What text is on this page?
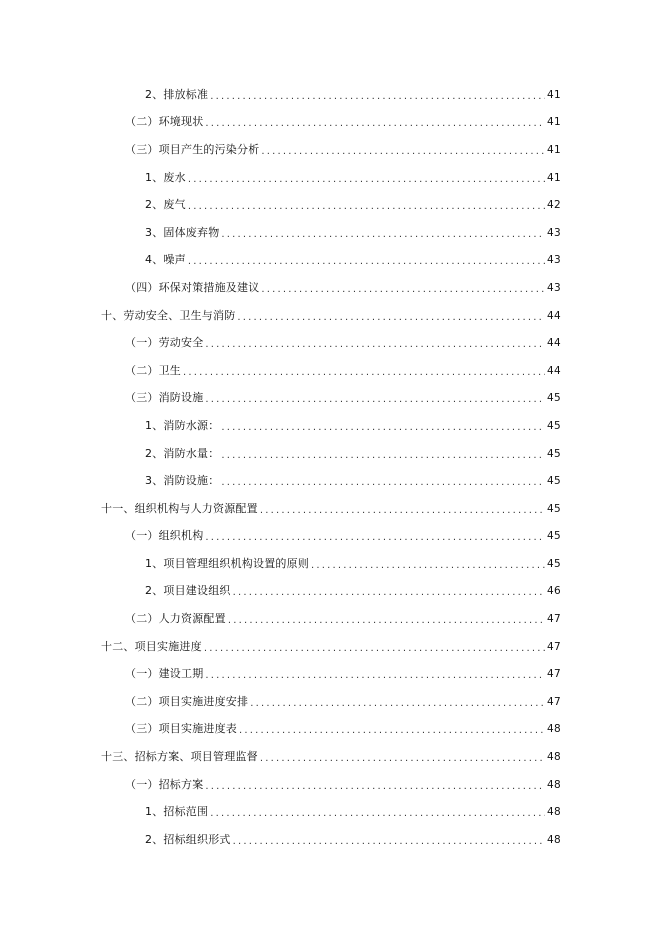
2、排放标准 .....	41
（二）环境现状 .....	41
（三）项目产生的污染分析 .....	41
1、废水 .....	41
2、废气 .....	42
3、固体废弃物 .....	43
4、噪声 .....	43
（四）环保对策措施及建议 .....	43
十、劳动安全、卫生与消防 .....	44
（一）劳动安全 .....	44
（二）卫生 .....	44
（三）消防设施 .....	45
1、消防水源： .....	45
2、消防水量： .....	45
3、消防设施： .....	45
十一、组织机构与人力资源配置 .....	45
（一）组织机构 .....	45
1、项目管理组织机构设置的原则 .....	45
2、项目建设组织 .....	46
（二）人力资源配置 .....	47
十二、项目实施进度 .....	47
（一）建设工期 .....	47
（二）项目实施进度安排 .....	47
（三）项目实施进度表 .....	48
十三、招标方案、项目管理监督 .....	48
（一）招标方案 .....	48
1、招标范围 .....	48
2、招标组织形式 .....	48
